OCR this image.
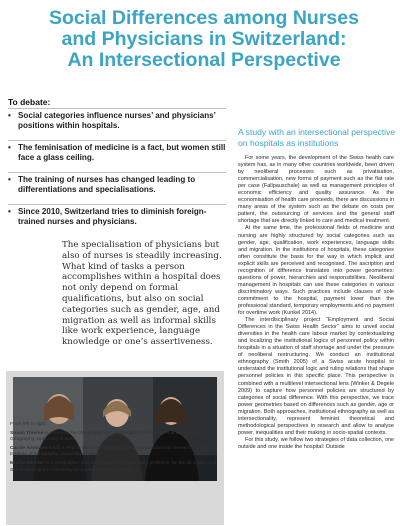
Social Differences among Nurses
and Physicians in Switzerland:
An Intersectional Perspective
To debate:
• Social categories influence nurses’ and physicians’ positions within hospitals.
• The feminisation of medicine is a fact, but women still face a glass ceiling.
• The training of nurses has changed leading to differentiations and specialisations.
• Since 2010, Switzerland tries to diminish foreign-trained nurses and physicians.
The specialisation of physicians but also of nurses is steadily increasing. What kind of tasks a person accomplishes within a hospital does not only depend on formal qualifications, but also on social categories such as gender, age, and migration as well as informal skills like work experience, language knowledge or one’s assertiveness.

From left to right:

Susan Thieme is professor for Geography and Sustainable Development at the Institute of Geography, University of Bern.

Carole Ammann holds a PhD in Social Anthropology and is a postdoctoral researcher at the Institute of Geography, University of Bern.

Marina Richter is a geographer and sociologist and is assistant professor for Social Space and Social Work at the University of Applied Sciences, Valais.

A study with an intersectional perspective on hospitals as institutions

For some years, the development of the Swiss health care system has, as in many other countries worldwide, been driven by neoliberal processes such as privatisation, commercialisation, new forms of payment such as the flat rate per case (Fallpauschale) as well as management principles of economic efficiency and quality assurance. As the economisation of health care proceeds, there are discussions in many areas of the system such as the debate on costs per patient, the outsourcing of services and the general staff shortage that are directly linked to care and medical treatment.

At the same time, the professional fields of medicine and nursing are highly structured by social categories such as gender, age, qualification, work experiences, language skills and migration. In the institutions of hospitals, these categories often constitute the basis for the way in which implicit and explicit skills are perceived and recognised. The ascription and recognition of difference translates into power geometries: questions of power, hierarchies and responsibilities. Neoliberal management in hospitals can use these categories in various discriminatory ways. Such practices include clauses of sole commitment to the hospital, payment lower than the professional standard, temporary employments and no payment for overtime work (Kunkel 2014).

The interdisciplinary project “Employment and Social Differences in the Swiss Health Sector” aims to unveil social diversities in the health care labour market by contextualizing and localizing the institutional logics of personnel policy within hospitals in a situation of staff shortage and under the pressure of neoliberal restructuring. We conduct an institutional ethnography (Smith 2005) of a Swiss acute hospital to understand the institutional logic and ruling relations that shape personnel policies in this specific place. This perspective is combined with a multilevel intersectional lens (Winker & Degele 2009) to capture how personnel policies are structured by categories of social difference. With this perspective, we trace power geometries based on differences such as gender, age or migration. Both approaches, institutional ethnography as well as intersectionality, represent feminist theoretical and methodological perspectives in research and allow to analyse power, inequalities and their making in socio-spatial contexts.

For this study, we follow two strategies of data collection, one outside and one inside the hospital: Outside
